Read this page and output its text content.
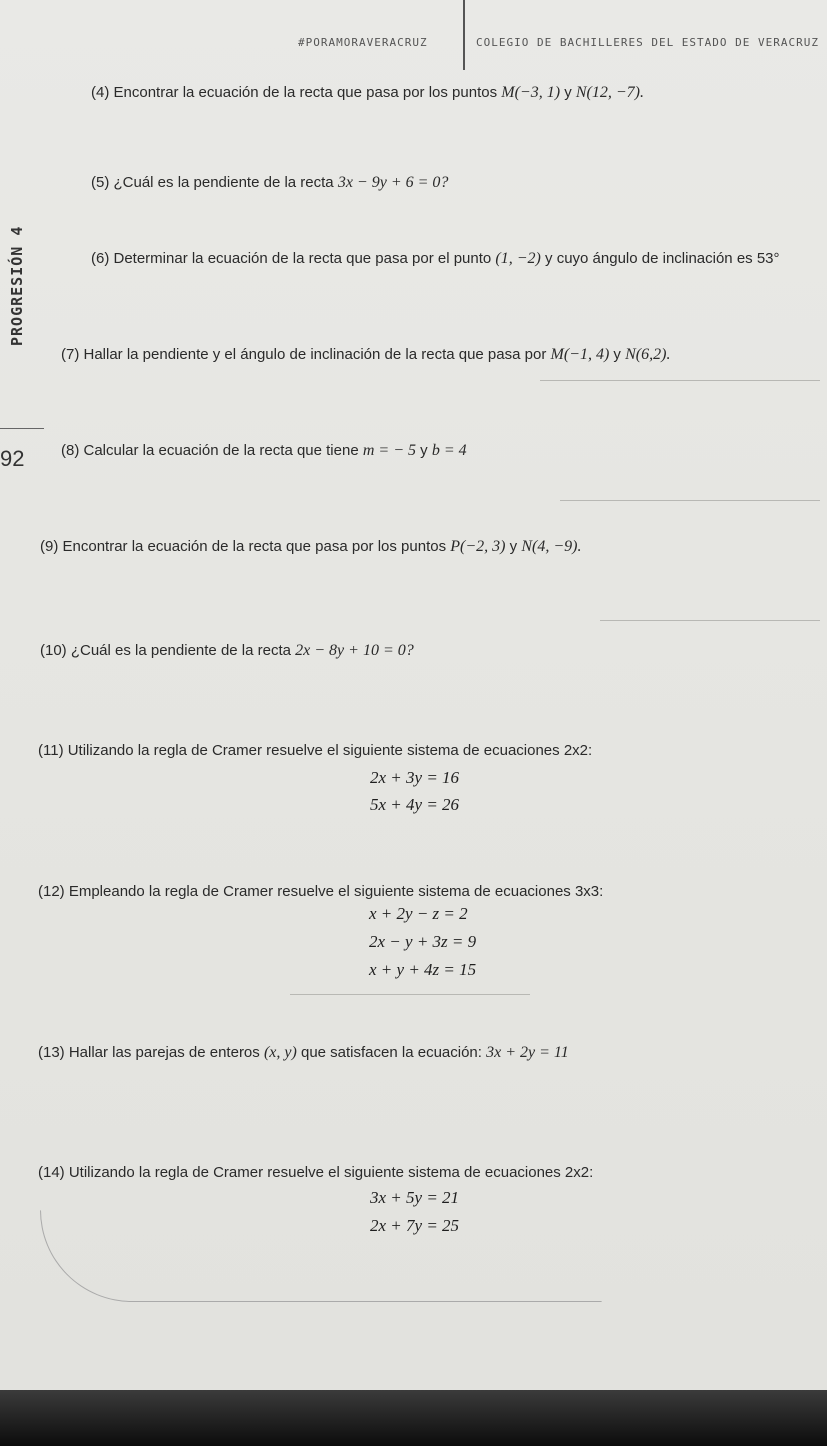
#PORAMORAVERACRUZ	COLEGIO DE BACHILLERES DEL ESTADO DE VERACRUZ
PROGRESIÓN 4
92
(4) Encontrar la ecuación de la recta que pasa por los puntos M(−3, 1) y N(12, −7).
(5) ¿Cuál es la pendiente de la recta 3x − 9y + 6 = 0?
(6) Determinar la ecuación de la recta que pasa por el punto (1, −2) y cuyo ángulo de inclinación es 53°
(7) Hallar la pendiente y el ángulo de inclinación de la recta que pasa por M(−1, 4) y N(6,2).
(8) Calcular la ecuación de la recta que tiene m = − 5 y b = 4
(9) Encontrar la ecuación de la recta que pasa por los puntos P(−2, 3) y N(4, −9).
(10) ¿Cuál es la pendiente de la recta 2x − 8y + 10 = 0?
(11) Utilizando la regla de Cramer resuelve el siguiente sistema de ecuaciones 2x2:
2x + 3y = 16
5x + 4y = 26
(12) Empleando la regla de Cramer resuelve el siguiente sistema de ecuaciones 3x3:
x + 2y − z = 2
2x − y + 3z = 9
x + y + 4z = 15
(13) Hallar las parejas de enteros (x, y) que satisfacen la ecuación: 3x + 2y = 11
(14) Utilizando la regla de Cramer resuelve el siguiente sistema de ecuaciones 2x2:
3x + 5y = 21
2x + 7y = 25
